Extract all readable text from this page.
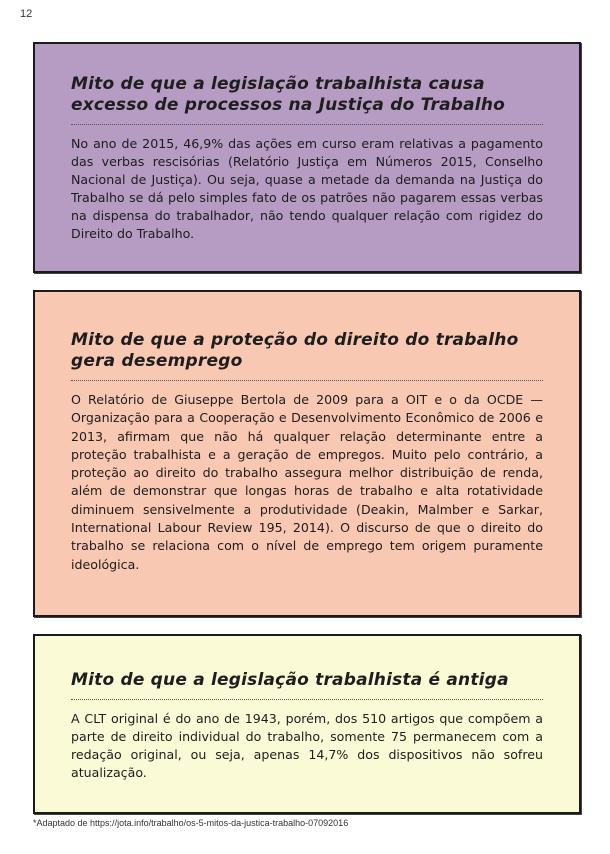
12
Mito de que a legislação trabalhista causa excesso de processos na Justiça do Trabalho

No ano de 2015, 46,9% das ações em curso eram relativas a pagamento das verbas rescisórias (Relatório Justiça em Números 2015, Conselho Nacional de Justiça). Ou seja, quase a metade da demanda na Justiça do Trabalho se dá pelo simples fato de os patrões não pagarem essas verbas na dispensa do trabalhador, não tendo qualquer relação com rigidez do Direito do Trabalho.

Mito de que a proteção do direito do trabalho gera desemprego

O Relatório de Giuseppe Bertola de 2009 para a OIT e o da OCDE — Organização para a Cooperação e Desenvolvimento Econômico de 2006 e 2013, afirmam que não há qualquer relação determinante entre a proteção trabalhista e a geração de empregos. Muito pelo contrário, a proteção ao direito do trabalho assegura melhor distribuição de renda, além de demonstrar que longas horas de trabalho e alta rotatividade diminuem sensivelmente a produtividade (Deakin, Malmber e Sarkar, International Labour Review 195, 2014). O discurso de que o direito do trabalho se relaciona com o nível de emprego tem origem puramente ideológica.

Mito de que a legislação trabalhista é antiga

A CLT original é do ano de 1943, porém, dos 510 artigos que compõem a parte de direito individual do trabalho, somente 75 permanecem com a redação original, ou seja, apenas 14,7% dos dispositivos não sofreu atualização.

*Adaptado de https://jota.info/trabalho/os-5-mitos-da-justica-trabalho-07092016
